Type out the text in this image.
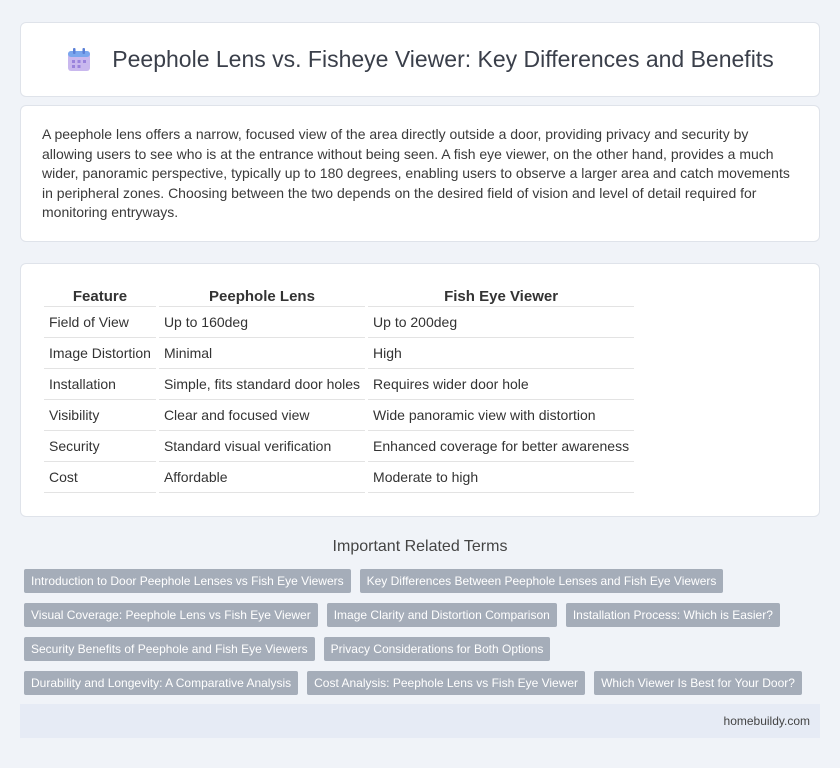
Peephole Lens vs. Fisheye Viewer: Key Differences and Benefits

A peephole lens offers a narrow, focused view of the area directly outside a door, providing privacy and security by allowing users to see who is at the entrance without being seen. A fish eye viewer, on the other hand, provides a much wider, panoramic perspective, typically up to 180 degrees, enabling users to observe a larger area and catch movements in peripheral zones. Choosing between the two depends on the desired field of vision and level of detail required for monitoring entryways.

Feature	Peephole Lens	Fish Eye Viewer
Field of View	Up to 160deg	Up to 200deg
Image Distortion	Minimal	High
Installation	Simple, fits standard door holes	Requires wider door hole
Visibility	Clear and focused view	Wide panoramic view with distortion
Security	Standard visual verification	Enhanced coverage for better awareness
Cost	Affordable	Moderate to high
Important Related Terms
Introduction to Door Peephole Lenses vs Fish Eye Viewers	Key Differences Between Peephole Lenses and Fish Eye Viewers
Visual Coverage: Peephole Lens vs Fish Eye Viewer	Image Clarity and Distortion Comparison	Installation Process: Which is Easier?
Security Benefits of Peephole and Fish Eye Viewers	Privacy Considerations for Both Options
Durability and Longevity: A Comparative Analysis	Cost Analysis: Peephole Lens vs Fish Eye Viewer	Which Viewer Is Best for Your Door?
homebuildy.com
